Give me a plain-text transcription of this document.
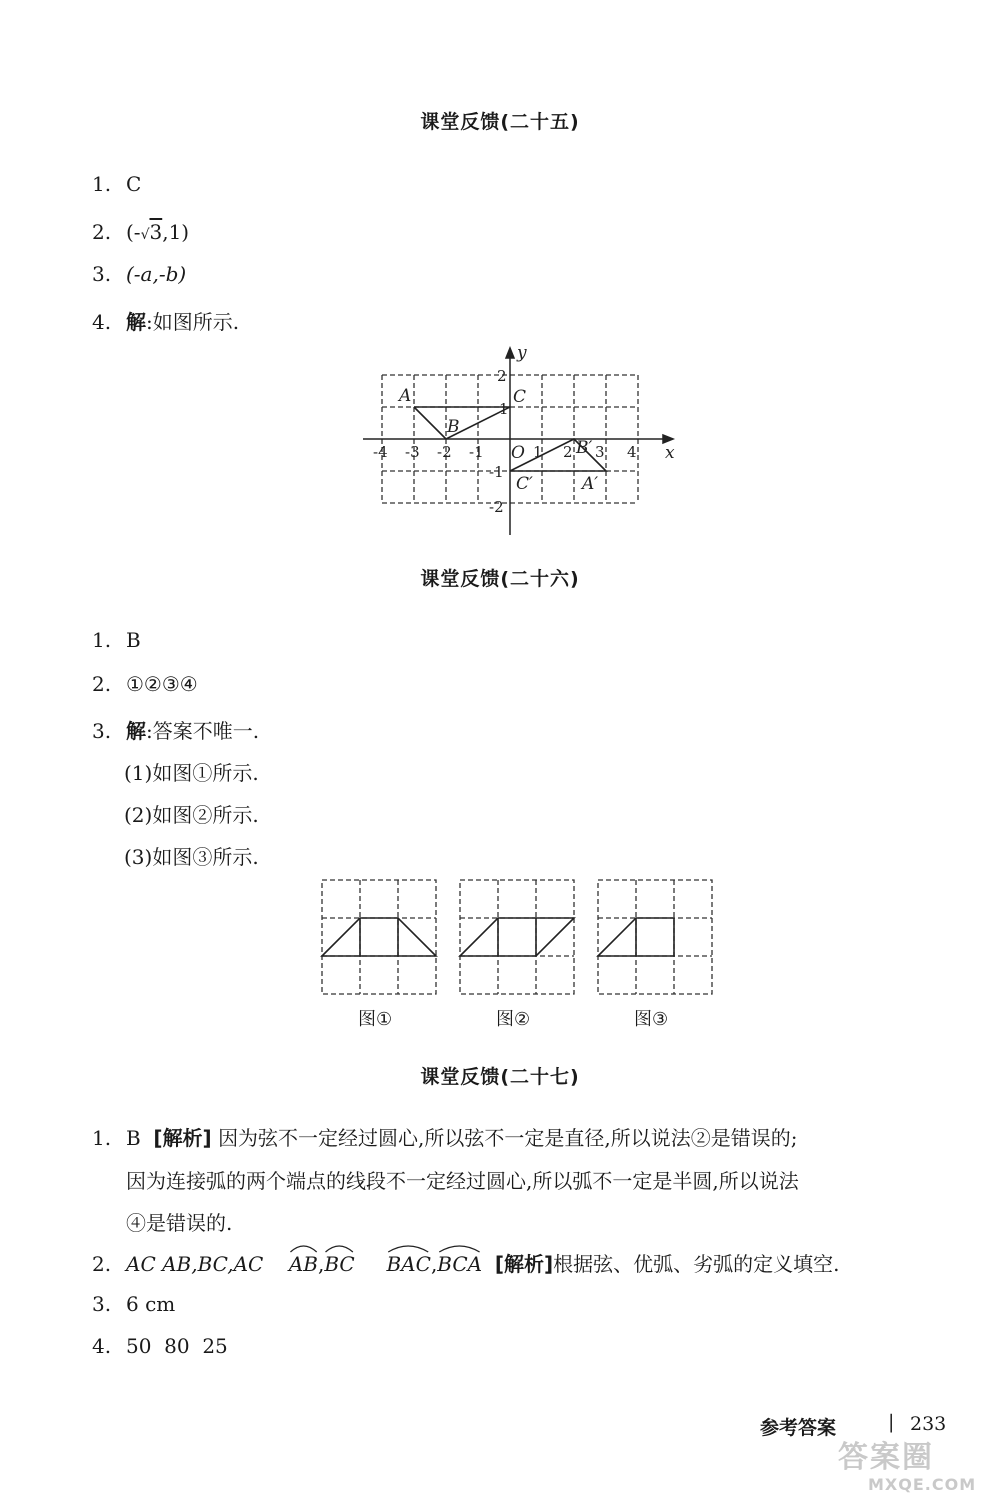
课堂反馈(二十五)
1. C
2. (-√3,1)
3. (-a,-b)
4. 解:如图所示.
x
y
A
B
C
O	B′
C′	A′
-4 -3 -2 -1	1 2 3 4
2
1
-1
-2
课堂反馈(二十六)
1. B
2. ①②③④
3. 解:答案不唯一.
(1)如图①所示.
(2)如图②所示.
(3)如图③所示.
图①	图②	图③
课堂反馈(二十七)
1. B [解析] 因为弦不一定经过圆心,所以弦不一定是直径,所以说法②是错误的;
因为连接弧的两个端点的线段不一定经过圆心,所以弧不一定是半圆,所以说法
④是错误的.
2. AC AB,BC,AC AB,
BC BAC,
BCA [解析]根据弦、优弧、劣弧的定义填空.
3. 6 cm
4. 50  80  25
参考答案	| 233
答案圈
MXQE.COM
